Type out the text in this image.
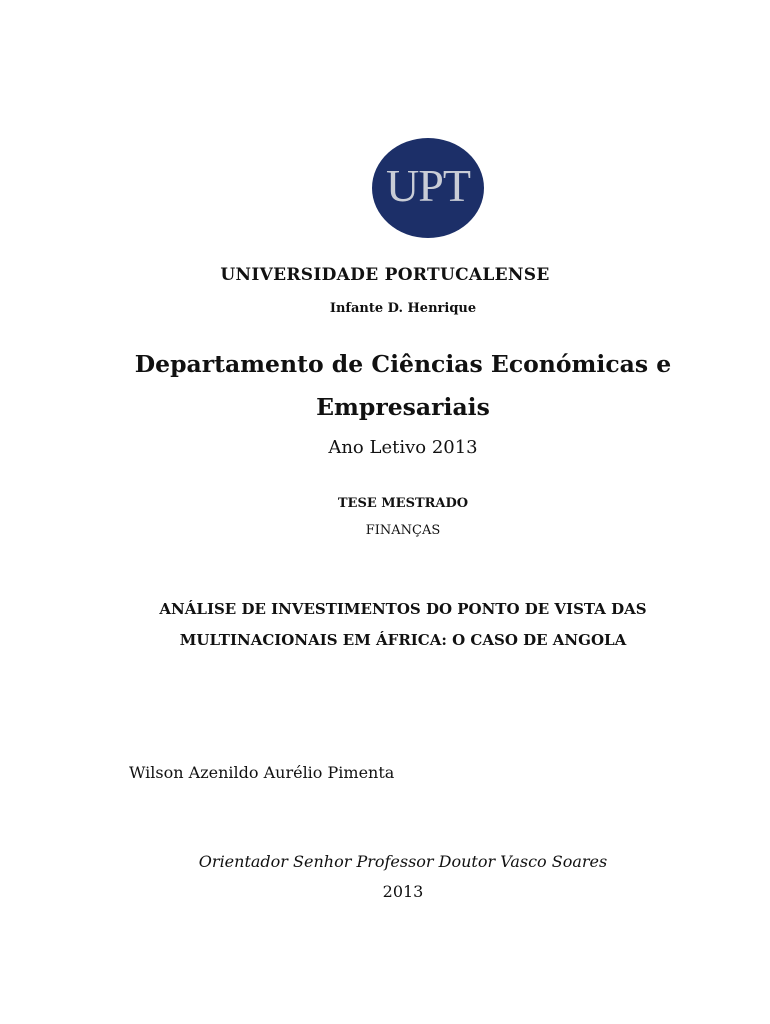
UPT
UNIVERSIDADE PORTUCALENSE
Infante D. Henrique
Departamento de Ciências Económicas e
Empresariais
Ano Letivo 2013
TESE MESTRADO
FINANÇAS
ANÁLISE DE INVESTIMENTOS DO PONTO DE VISTA DAS
MULTINACIONAIS EM ÁFRICA: O CASO DE ANGOLA
Wilson Azenildo Aurélio Pimenta
Orientador Senhor Professor Doutor Vasco Soares
2013
